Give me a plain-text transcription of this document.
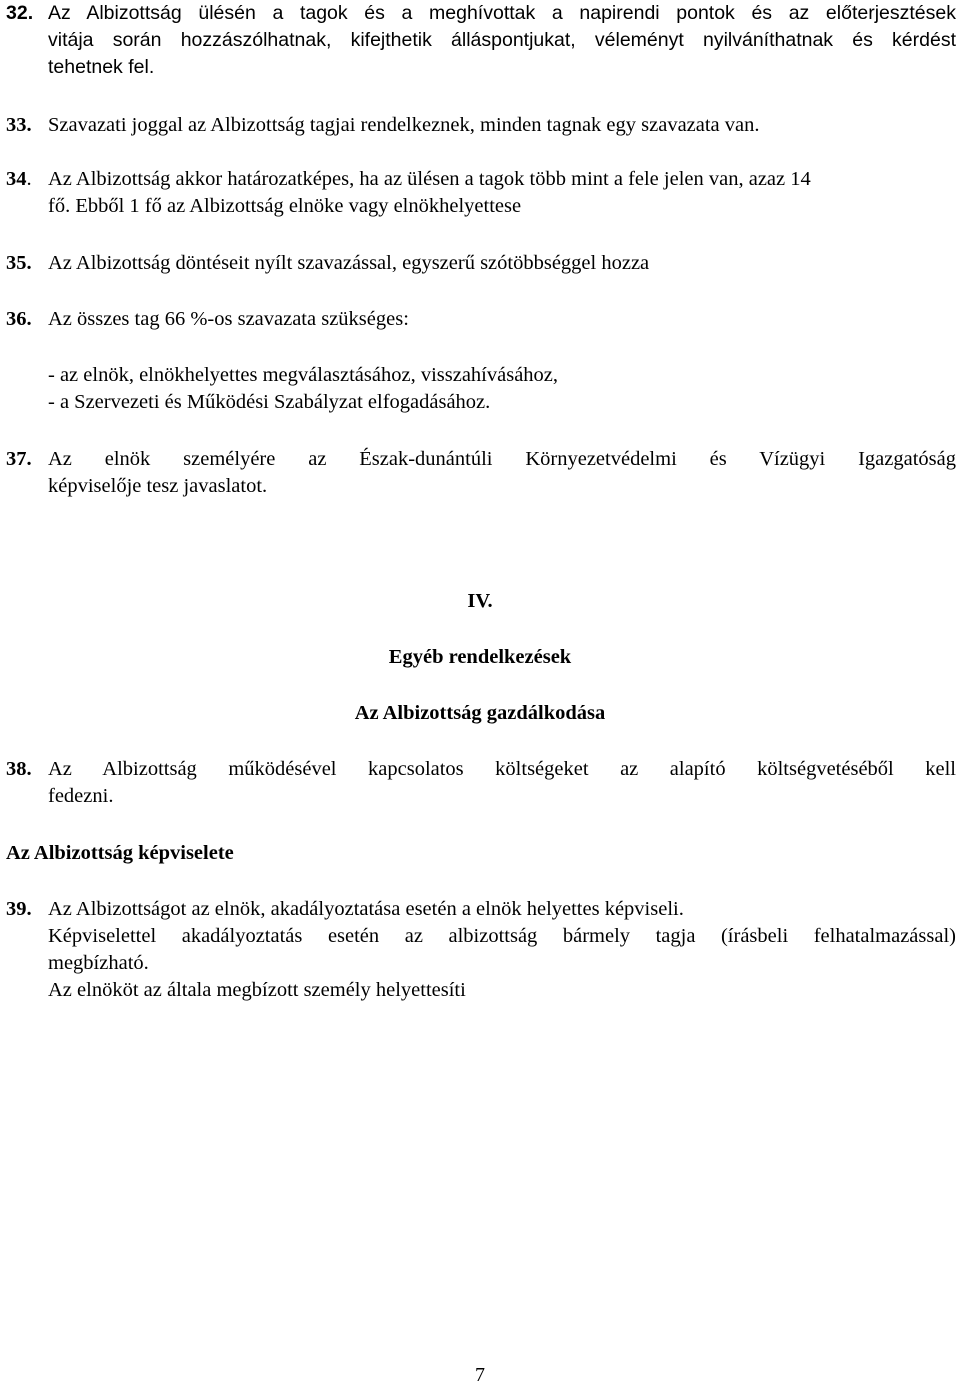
32. Az Albizottság ülésén a tagok és a meghívottak a napirendi pontok és az előterjesztések
vitája során hozzászólhatnak, kifejthetik álláspontjukat, véleményt nyilváníthatnak és kérdést
tehetnek fel.
33. Szavazati joggal az Albizottság tagjai rendelkeznek, minden tagnak egy szavazata van.
34. Az Albizottság akkor határozatképes, ha az ülésen a tagok több mint a fele jelen van, azaz 14
fő. Ebből 1 fő az Albizottság elnöke vagy elnökhelyettese
35. Az Albizottság döntéseit nyílt szavazással, egyszerű szótöbbséggel hozza
36. Az összes tag 66 %-os szavazata szükséges:
- az elnök, elnökhelyettes megválasztásához, visszahívásához,
- a Szervezeti és Működési Szabályzat elfogadásához.
37. Az elnök személyére az Észak-dunántúli Környezetvédelmi és Vízügyi Igazgatóság
képviselője tesz javaslatot.
IV.
Egyéb rendelkezések
Az Albizottság gazdálkodása
38. Az Albizottság működésével kapcsolatos költségeket az alapító költségvetéséből kell
fedezni.
Az Albizottság képviselete
39. Az Albizottságot az elnök, akadályoztatása esetén a elnök helyettes képviseli.
Képviselettel akadályoztatás esetén az albizottság bármely tagja (írásbeli felhatalmazással)
megbízható.
Az elnököt az általa megbízott személy helyettesíti
7
